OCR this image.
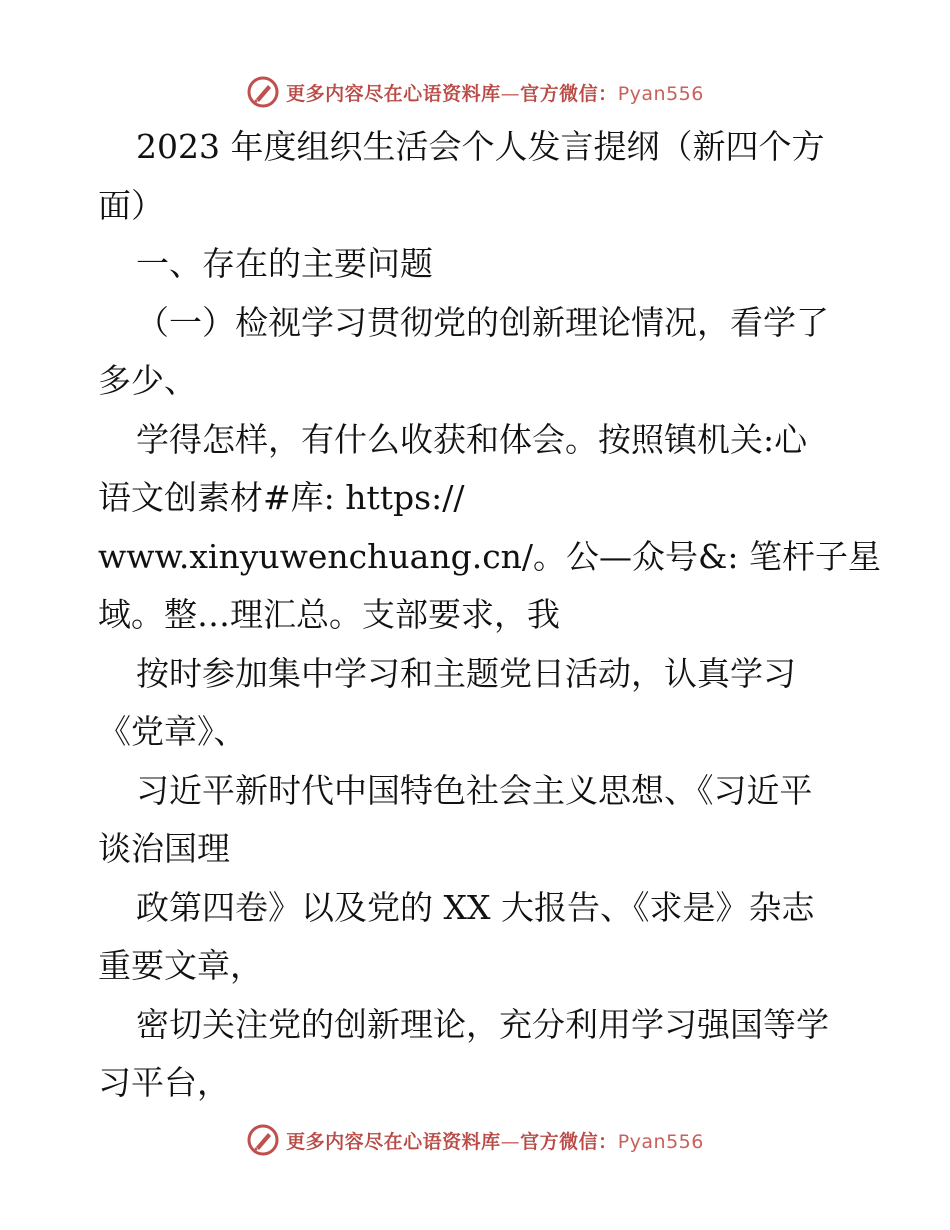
更多内容尽在心语资料库—官方微信：Pyan556
2023 年度组织生活会个人发言提纲（新四个方
面）
一、存在的主要问题
（一）检视学习贯彻党的创新理论情况，看学了
多少、
学得怎样，有什么收获和体会。按照镇机关:心
语文创素材#库: https://
www.xinyuwenchuang.cn/。公—众号&: 笔杆子星
域。整…理汇总。支部要求，我
按时参加集中学习和主题党日活动，认真学习
《党章》、
习近平新时代中国特色社会主义思想、《习近平
谈治国理
政第四卷》以及党的 XX 大报告、《求是》杂志
重要文章，
密切关注党的创新理论，充分利用学习强国等学
习平台，
更多内容尽在心语资料库—官方微信：Pyan556
